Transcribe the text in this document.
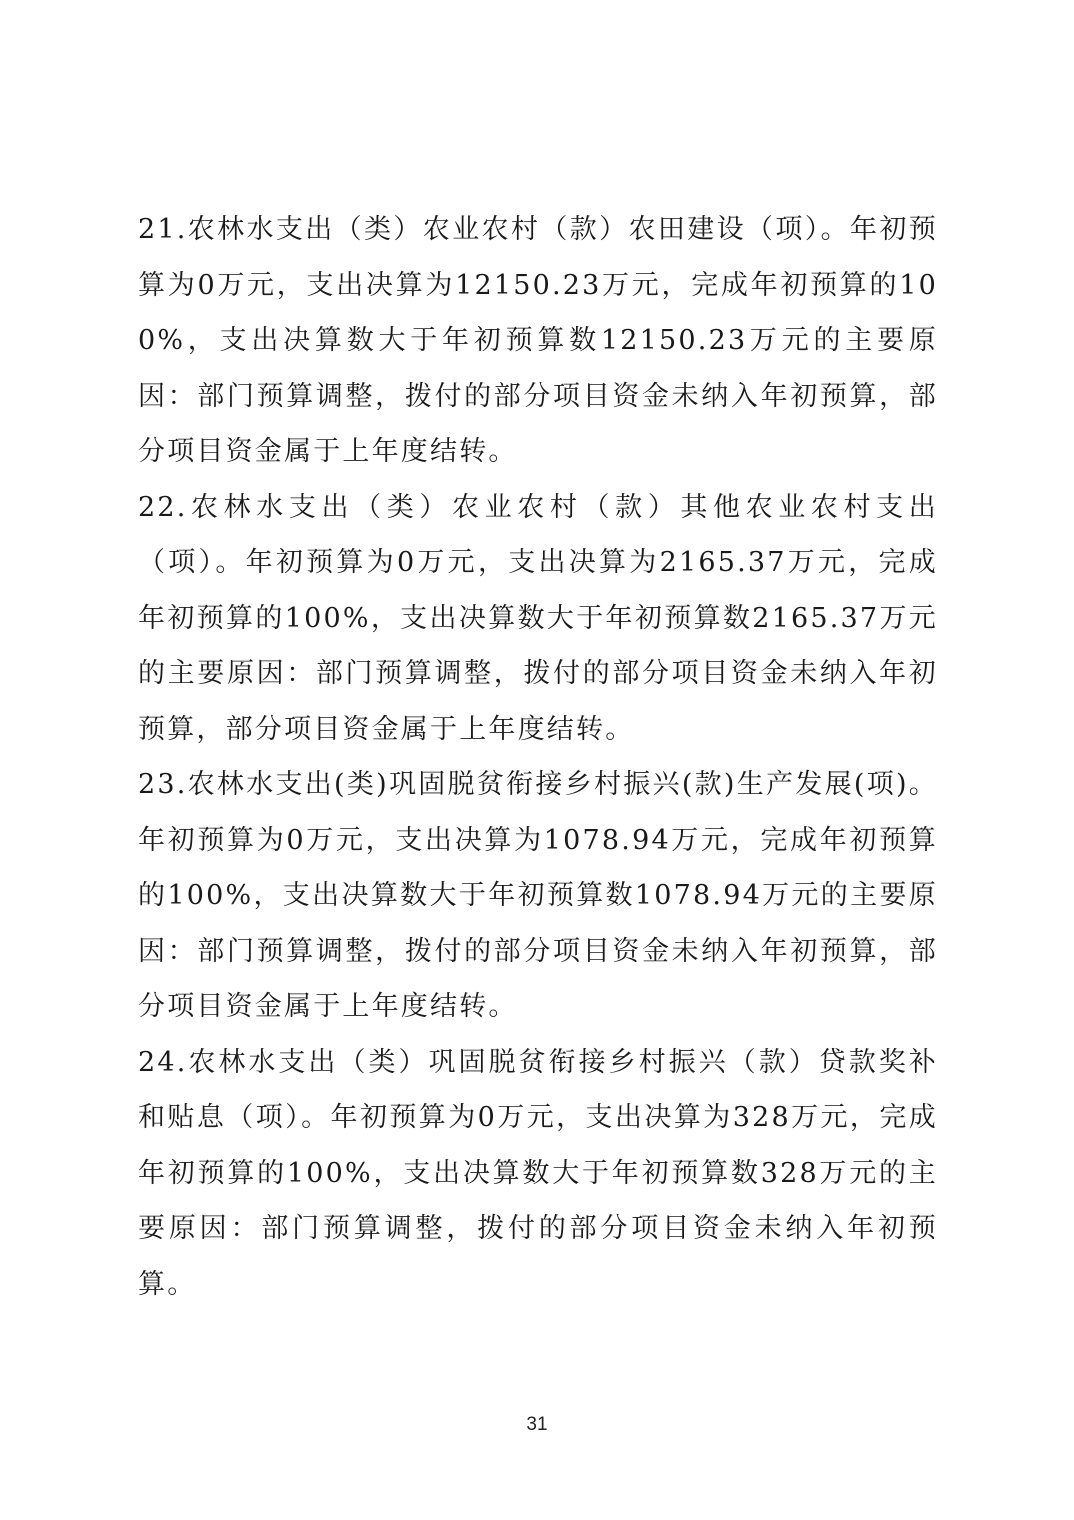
21.农林水支出（类）农业农村（款）农田建设（项）。年初预算为0万元，支出决算为12150.23万元，完成年初预算的100%，支出决算数大于年初预算数12150.23万元的主要原因：部门预算调整，拨付的部分项目资金未纳入年初预算，部分项目资金属于上年度结转。

22.农林水支出（类）农业农村（款）其他农业农村支出（项）。年初预算为0万元，支出决算为2165.37万元，完成年初预算的100%，支出决算数大于年初预算数2165.37万元的主要原因：部门预算调整，拨付的部分项目资金未纳入年初预算，部分项目资金属于上年度结转。

23.农林水支出(类)巩固脱贫衔接乡村振兴(款)生产发展(项)。年初预算为0万元，支出决算为1078.94万元，完成年初预算的100%，支出决算数大于年初预算数1078.94万元的主要原因：部门预算调整，拨付的部分项目资金未纳入年初预算，部分项目资金属于上年度结转。

24.农林水支出（类）巩固脱贫衔接乡村振兴（款）贷款奖补和贴息（项）。年初预算为0万元，支出决算为328万元，完成年初预算的100%，支出决算数大于年初预算数328万元的主要原因：部门预算调整，拨付的部分项目资金未纳入年初预算。

31
